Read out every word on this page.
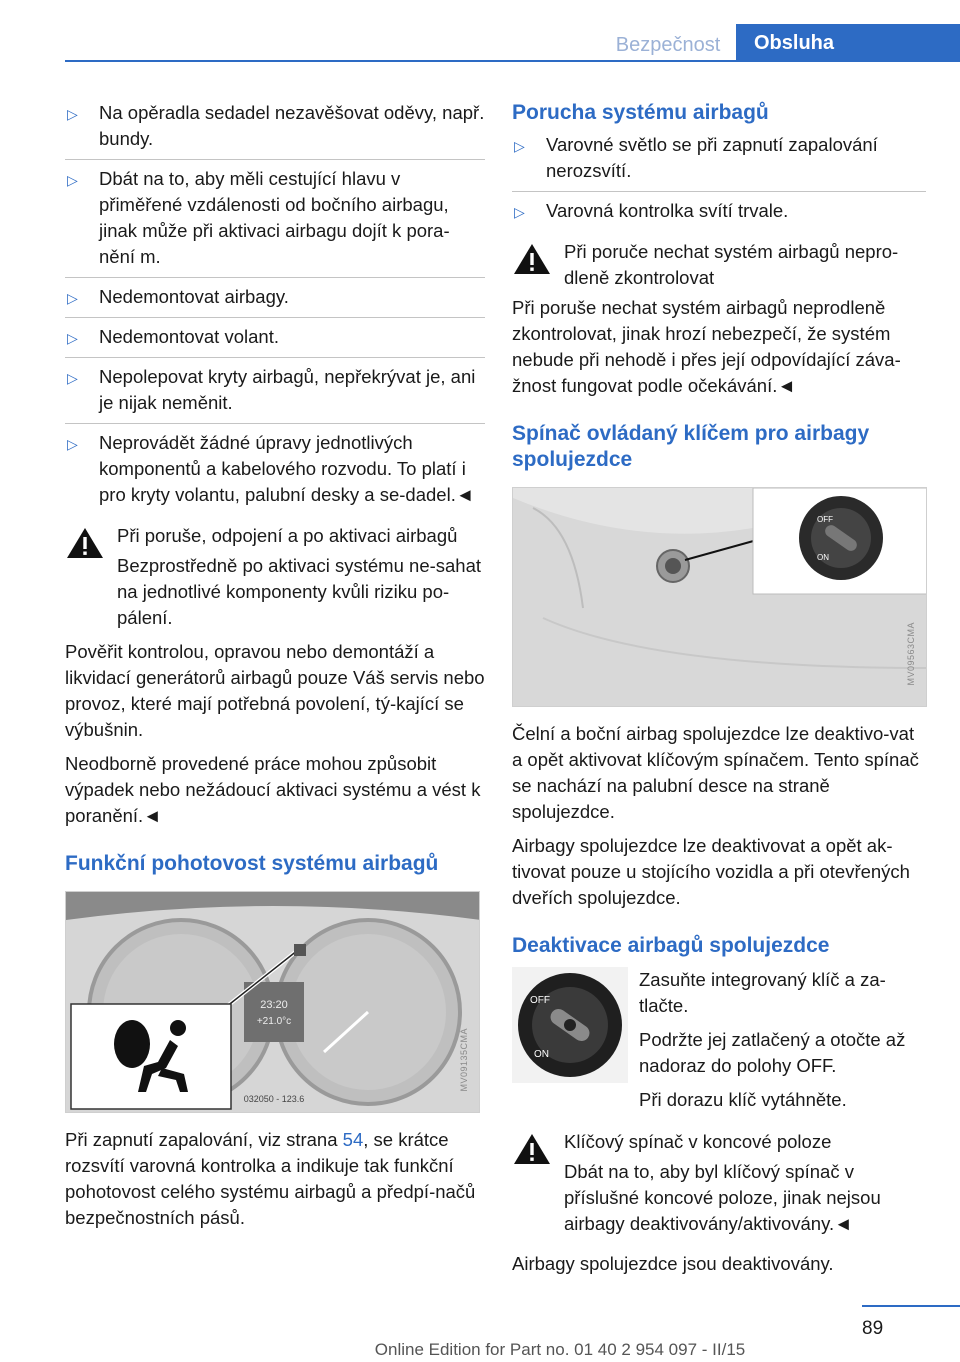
Bezpečnost	Obsluha
▷ Na opěradla sedadel nezavěšovat oděvy, např. bundy.
▷ Dbát na to, aby měli cestující hlavu v přiměřené vzdálenosti od bočního airbagu, jinak může při aktivaci airbagu dojít k pora-nění m.
▷ Nedemontovat airbagy.
▷ Nedemontovat volant.
▷ Nepolepovat kryty airbagů, nepřekrývat je, ani je nijak neměnit.
▷ Neprovádět žádné úpravy jednotlivých komponentů a kabelového rozvodu. To platí i pro kryty volantu, palubní desky a se-dadel.◄
Při poruše, odpojení a po aktivaci airbagů
Bezprostředně po aktivaci systému ne-sahat na jednotlivé komponenty kvůli riziku po-pálení.

Pověřit kontrolou, opravou nebo demontáží a likvidací generátorů airbagů pouze Váš servis nebo provoz, které mají potřebná povolení, tý-kající se výbušnin.

Neodborně provedené práce mohou způsobit výpadek nebo nežádoucí aktivaci systému a vést k poranění.◄

Funkční pohotovost systému airbagů
23:20
+21.0°c
032050 - 123.6
MV09135CMA

Při zapnutí zapalování, viz strana 54, se krátce rozsvítí varovná kontrolka a indikuje tak funkční pohotovost celého systému airbagů a předpí-načů bezpečnostních pásů.

Porucha systému airbagů
▷ Varovné světlo se při zapnutí zapalování nerozsvítí.
▷ Varovná kontrolka svítí trvale.
Při poruče nechat systém airbagů nepro-dleně zkontrolovat
Při poruše nechat systém airbagů neprodleně zkontrolovat, jinak hrozí nebezpečí, že systém nebude při nehodě i přes její odpovídající záva-žnost fungovat podle očekávání.◄
Spínač ovládaný klíčem pro airbagy spolujezdce
OFF
ON
MV09563CMA

Čelní a boční airbag spolujezdce lze deaktivo-vat a opět aktivovat klíčovým spínačem. Tento spínač se nachází na palubní desce na straně spolujezdce.

Airbagy spolujezdce lze deaktivovat a opět ak-tivovat pouze u stojícího vozidla a při otevřených dveřích spolujezdce.

Deaktivace airbagů spolujezdce
OFF
ON

Zasuňte integrovaný klíč a za-tlačte.

Podržte jej zatlačený a otočte až nadoraz do polohy OFF.

Při dorazu klíč vytáhněte.

Klíčový spínač v koncové poloze
Dbát na to, aby byl klíčový spínač v příslušné koncové poloze, jinak nejsou airbagy deaktivovány/aktivovány.◄

Airbagy spolujezdce jsou deaktivovány.

89
Online Edition for Part no. 01 40 2 954 097 - II/15
